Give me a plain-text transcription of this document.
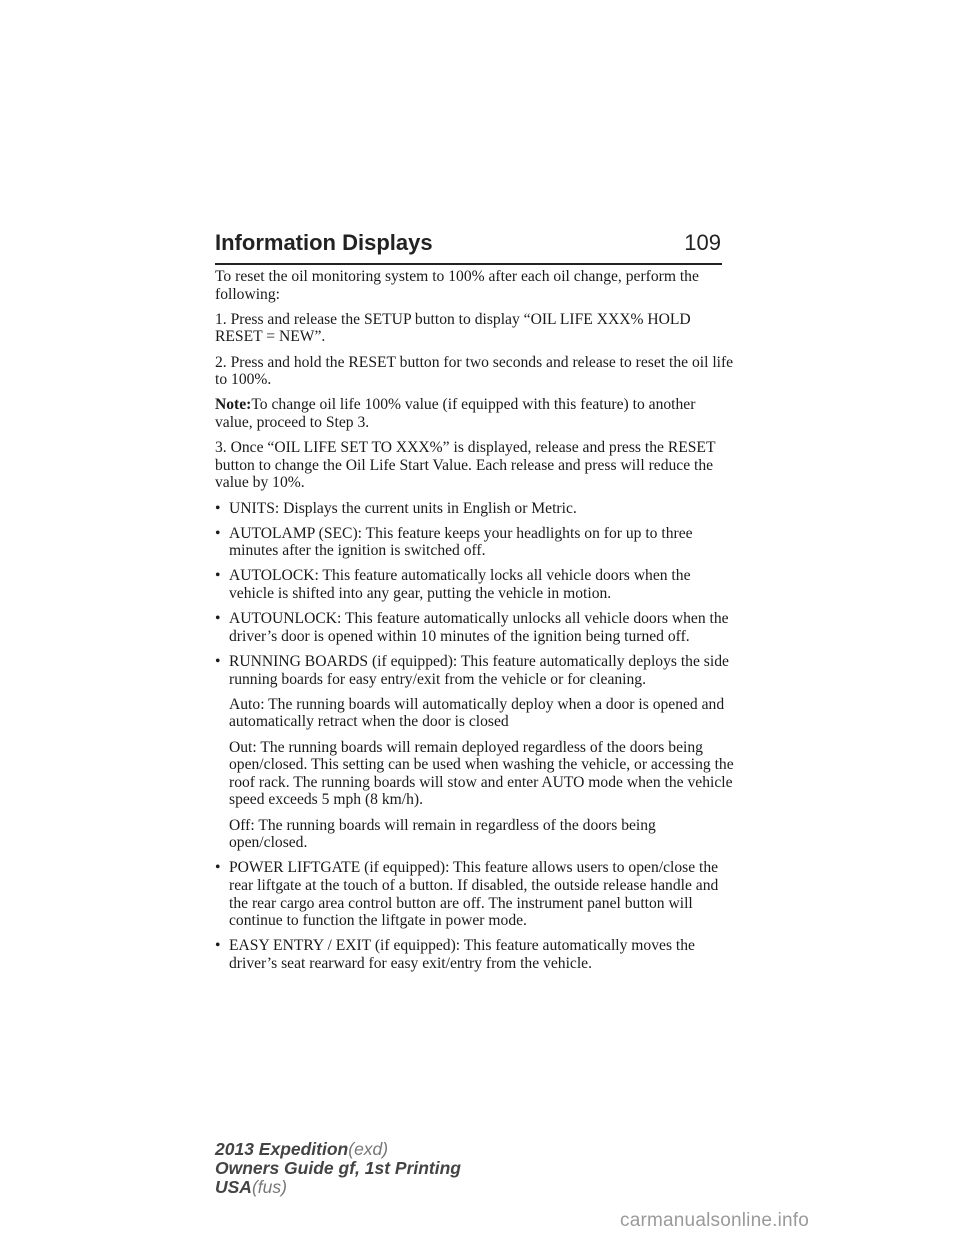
Information Displays	109

To reset the oil monitoring system to 100% after each oil change, perform the following:

1. Press and release the SETUP button to display “OIL LIFE XXX% HOLD RESET = NEW”.

2. Press and hold the RESET button for two seconds and release to reset the oil life to 100%.

Note:To change oil life 100% value (if equipped with this feature) to another value, proceed to Step 3.

3. Once “OIL LIFE SET TO XXX%” is displayed, release and press the RESET button to change the Oil Life Start Value. Each release and press will reduce the value by 10%.

• UNITS: Displays the current units in English or Metric.
• AUTOLAMP (SEC): This feature keeps your headlights on for up to three minutes after the ignition is switched off.
• AUTOLOCK: This feature automatically locks all vehicle doors when the vehicle is shifted into any gear, putting the vehicle in motion.
• AUTOUNLOCK: This feature automatically unlocks all vehicle doors when the driver’s door is opened within 10 minutes of the ignition being turned off.
• RUNNING BOARDS (if equipped): This feature automatically deploys the side running boards for easy entry/exit from the vehicle or for cleaning.
Auto: The running boards will automatically deploy when a door is opened and automatically retract when the door is closed
Out: The running boards will remain deployed regardless of the doors being open/closed. This setting can be used when washing the vehicle, or accessing the roof rack. The running boards will stow and enter AUTO mode when the vehicle speed exceeds 5 mph (8 km/h).
Off: The running boards will remain in regardless of the doors being open/closed.
• POWER LIFTGATE (if equipped): This feature allows users to open/close the rear liftgate at the touch of a button. If disabled, the outside release handle and the rear cargo area control button are off. The instrument panel button will continue to function the liftgate in power mode.
• EASY ENTRY / EXIT (if equipped): This feature automatically moves the driver’s seat rearward for easy exit/entry from the vehicle.
2013 Expedition(exd)
Owners Guide gf, 1st Printing
USA(fus)
carmanualsonline.info
